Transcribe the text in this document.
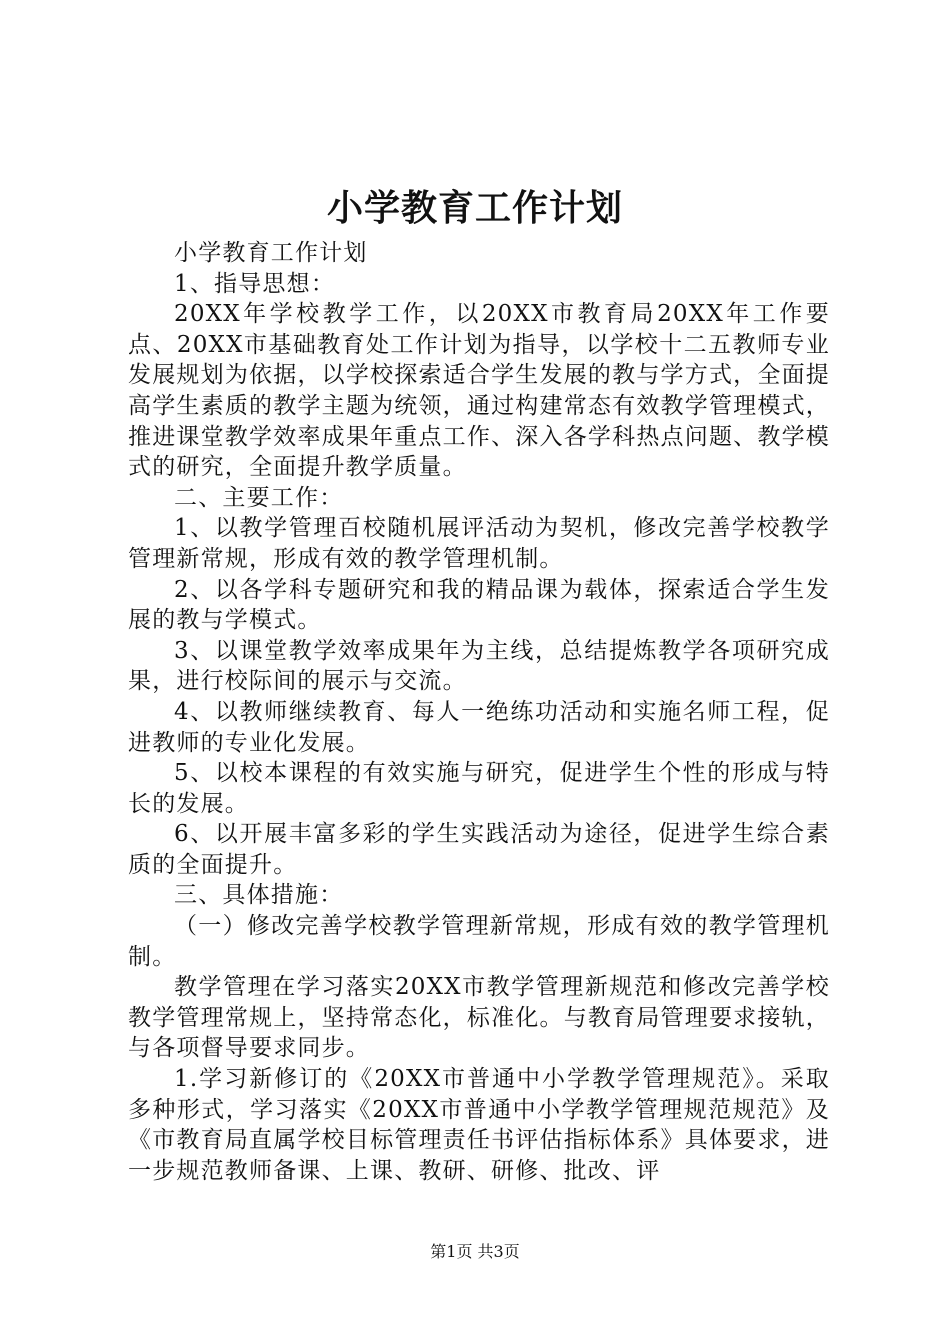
小学教育工作计划

小学教育工作计划

1、指导思想：

20XX年学校教学工作，以20XX市教育局20XX年工作要点、20XX市基础教育处工作计划为指导，以学校十二五教师专业发展规划为依据，以学校探索适合学生发展的教与学方式，全面提高学生素质的教学主题为统领，通过构建常态有效教学管理模式，推进课堂教学效率成果年重点工作、深入各学科热点问题、教学模式的研究，全面提升教学质量。

二、主要工作：

1、以教学管理百校随机展评活动为契机，修改完善学校教学管理新常规，形成有效的教学管理机制。

2、以各学科专题研究和我的精品课为载体，探索适合学生发展的教与学模式。

3、以课堂教学效率成果年为主线，总结提炼教学各项研究成果，进行校际间的展示与交流。

4、以教师继续教育、每人一绝练功活动和实施名师工程，促进教师的专业化发展。

5、以校本课程的有效实施与研究，促进学生个性的形成与特长的发展。

6、以开展丰富多彩的学生实践活动为途径，促进学生综合素质的全面提升。

三、具体措施：

（一）修改完善学校教学管理新常规，形成有效的教学管理机制。

教学管理在学习落实20XX市教学管理新规范和修改完善学校教学管理常规上，坚持常态化，标准化。与教育局管理要求接轨，与各项督导要求同步。

1.学习新修订的《20XX市普通中小学教学管理规范》。采取多种形式，学习落实《20XX市普通中小学教学管理规范规范》及《市教育局直属学校目标管理责任书评估指标体系》具体要求，进一步规范教师备课、上课、教研、研修、批改、评

第1页 共3页
